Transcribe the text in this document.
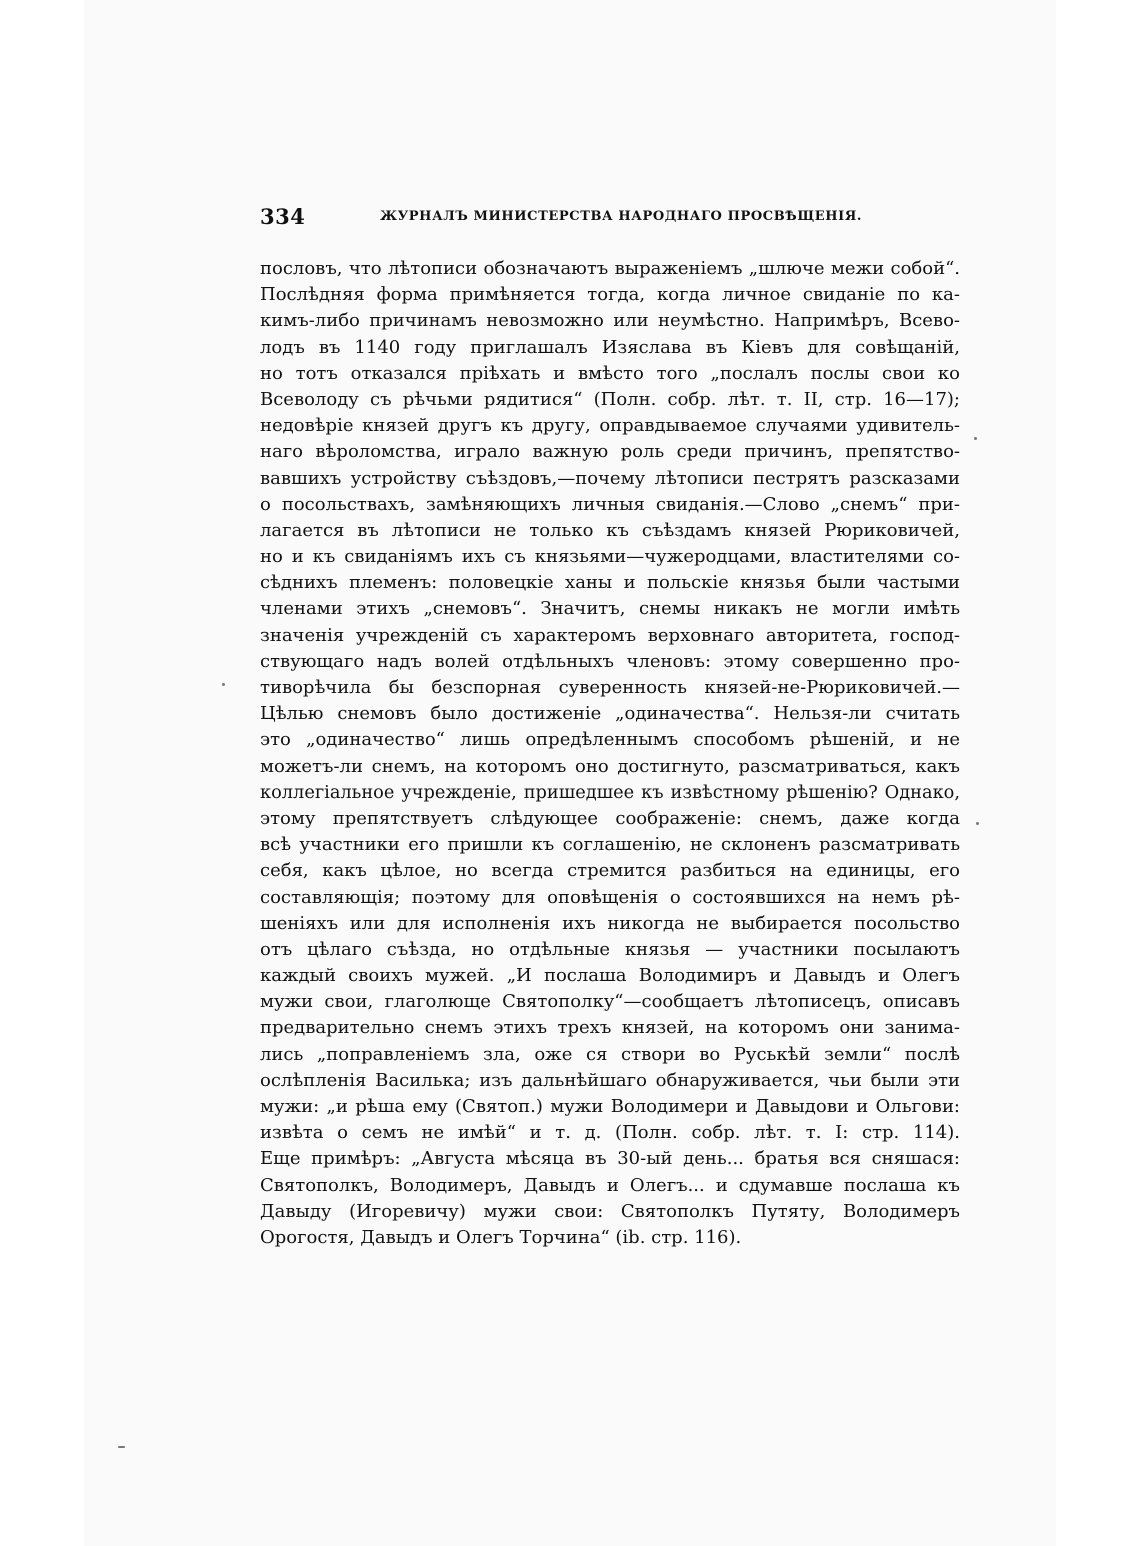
334	ЖУРНАЛЪ МИНИСТЕРСТВА НАРОДНАГО ПРОСВѢЩЕНІЯ.
пословъ, что лѣтописи обозначаютъ выраженіемъ „шлюче межи собой“.
Послѣдняя форма примѣняется тогда, когда личное свиданіе по ка-
кимъ-либо причинамъ невозможно или неумѣстно. Напримѣръ, Всево-
лодъ въ 1140 году приглашалъ Изяслава въ Кіевъ для совѣщаній,
но тотъ отказался пріѣхать и вмѣсто того „послалъ послы свои ко
Всеволоду съ рѣчьми рядитися“ (Полн. собр. лѣт. т. II, стр. 16—17);
недовѣріе князей другъ къ другу, оправдываемое случаями удивитель-
наго вѣроломства, играло важную роль среди причинъ, препятство-
вавшихъ устройству съѣздовъ,—почему лѣтописи пестрятъ разсказами
о посольствахъ, замѣняющихъ личныя свиданія.—Слово „снемъ“ при-
лагается въ лѣтописи не только къ съѣздамъ князей Рюриковичей,
но и къ свиданіямъ ихъ съ князьями—чужеродцами, властителями со-
сѣднихъ племенъ: половецкіе ханы и польскіе князья были частыми
членами этихъ „снемовъ“. Значитъ, снемы никакъ не могли имѣть
значенія учрежденій съ характеромъ верховнаго авторитета, господ-
ствующаго надъ волей отдѣльныхъ членовъ: этому совершенно про-
тиворѣчила бы безспорная суверенность князей-не-Рюриковичей.—
Цѣлью снемовъ было достиженіе „одиначества“. Нельзя-ли считать
это „одиначество“ лишь опредѣленнымъ способомъ рѣшеній, и не
можетъ-ли снемъ, на которомъ оно достигнуто, разсматриваться, какъ
коллегіальное учрежденіе, пришедшее къ извѣстному рѣшенію? Однако,
этому препятствуетъ слѣдующее соображеніе: снемъ, даже когда
всѣ участники его пришли къ соглашенію, не склоненъ разсматривать
себя, какъ цѣлое, но всегда стремится разбиться на единицы, его
составляющія; поэтому для оповѣщенія о состоявшихся на немъ рѣ-
шеніяхъ или для исполненія ихъ никогда не выбирается посольство
отъ цѣлаго съѣзда, но отдѣльные князья — участники посылаютъ
каждый своихъ мужей. „И послаша Володимиръ и Давыдъ и Олегъ
мужи свои, глаголюще Святополку“—сообщаетъ лѣтописецъ, описавъ
предварительно снемъ этихъ трехъ князей, на которомъ они занима-
лись „поправленіемъ зла, оже ся створи во Руськѣй земли“ послѣ
ослѣпленія Василька; изъ дальнѣйшаго обнаруживается, чьи были эти
мужи: „и рѣша ему (Святоп.) мужи Володимери и Давыдови и Ольгови:
извѣта о семъ не имѣй“ и т. д. (Полн. собр. лѣт. т. I: стр. 114).
Еще примѣръ: „Августа мѣсяца въ 30-ый день... братья вся сняшася:
Святополкъ, Володимеръ, Давыдъ и Олегъ... и сдумавше послаша къ
Давыду (Игоревичу) мужи свои: Святополкъ Путяту, Володимеръ
Орогостя, Давыдъ и Олегъ Торчина“ (ib. стр. 116).
